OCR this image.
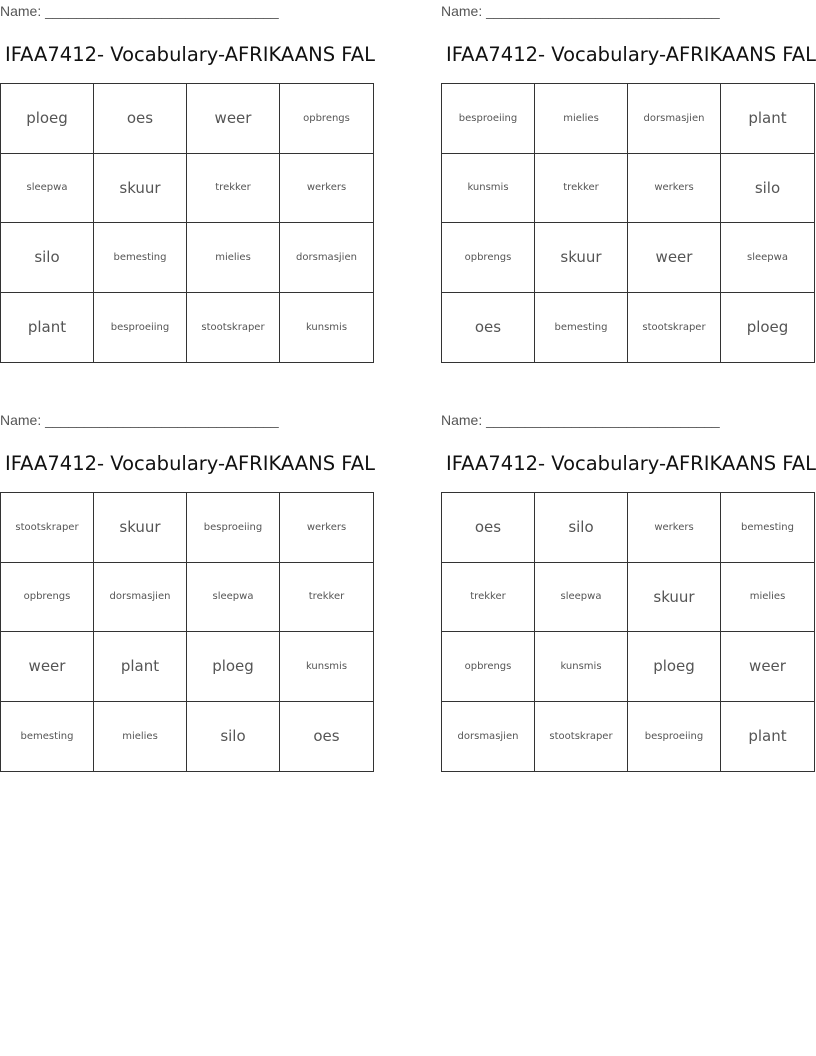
Name: ______________________________
IFAA7412- Vocabulary-AFRIKAANS FAL
ploeg	oes	weer	opbrengs
sleepwa	skuur	trekker	werkers
silo	bemesting	mielies	dorsmasjien
plant	besproeiing	stootskraper	kunsmis
Name: ______________________________
IFAA7412- Vocabulary-AFRIKAANS FAL
besproeiing	mielies	dorsmasjien	plant
kunsmis	trekker	werkers	silo
opbrengs	skuur	weer	sleepwa
oes	bemesting	stootskraper	ploeg
Name: ______________________________
IFAA7412- Vocabulary-AFRIKAANS FAL
stootskraper	skuur	besproeiing	werkers
opbrengs	dorsmasjien	sleepwa	trekker
weer	plant	ploeg	kunsmis
bemesting	mielies	silo	oes
Name: ______________________________
IFAA7412- Vocabulary-AFRIKAANS FAL
oes	silo	werkers	bemesting
trekker	sleepwa	skuur	mielies
opbrengs	kunsmis	ploeg	weer
dorsmasjien	stootskraper	besproeiing	plant
